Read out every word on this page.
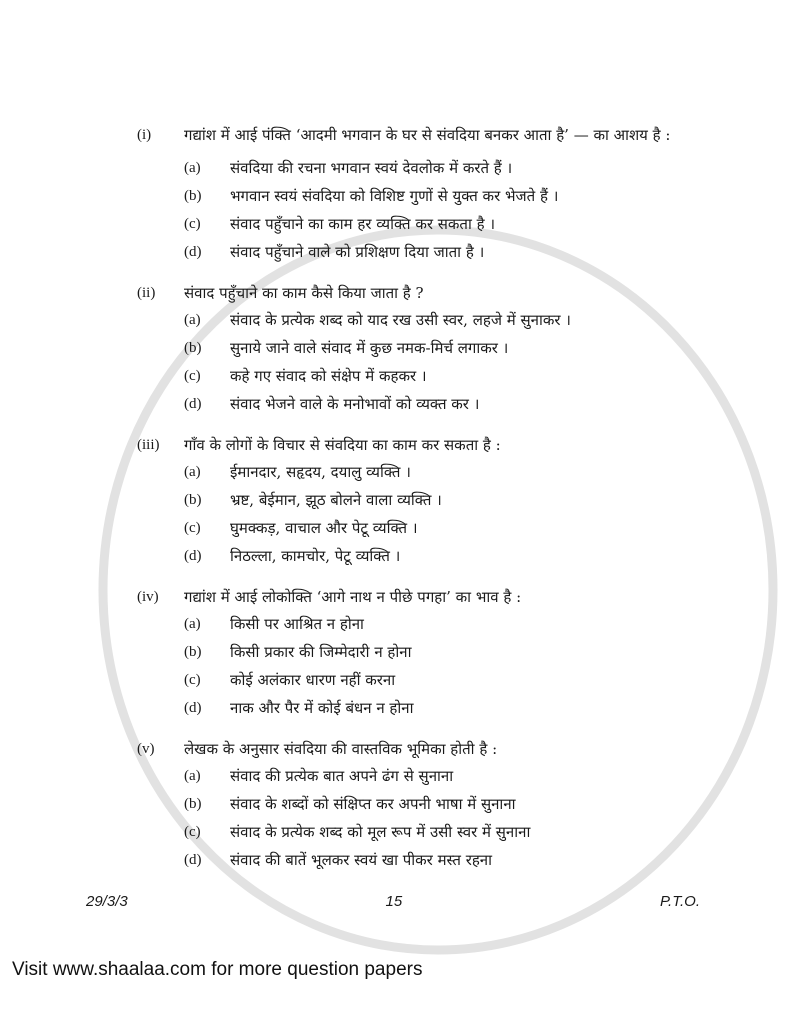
(i)	गद्यांश में आई पंक्ति ‘आदमी भगवान के घर से संवदिया बनकर आता है’ — का आशय है :
(a)	संवदिया की रचना भगवान स्वयं देवलोक में करते हैं ।
(b)	भगवान स्वयं संवदिया को विशिष्ट गुणों से युक्त कर भेजते हैं ।
(c)	संवाद पहुँचाने का काम हर व्यक्ति कर सकता है ।
(d)	संवाद पहुँचाने वाले को प्रशिक्षण दिया जाता है ।
(ii)	संवाद पहुँचाने का काम कैसे किया जाता है ?
(a)	संवाद के प्रत्येक शब्द को याद रख उसी स्वर, लहजे में सुनाकर ।
(b)	सुनाये जाने वाले संवाद में कुछ नमक-मिर्च लगाकर ।
(c)	कहे गए संवाद को संक्षेप में कहकर ।
(d)	संवाद भेजने वाले के मनोभावों को व्यक्त कर ।
(iii)	गाँव के लोगों के विचार से संवदिया का काम कर सकता है :
(a)	ईमानदार, सहृदय, दयालु व्यक्ति ।
(b)	भ्रष्ट, बेईमान, झूठ बोलने वाला व्यक्ति ।
(c)	घुमक्कड़, वाचाल और पेटू व्यक्ति ।
(d)	निठल्ला, कामचोर, पेटू व्यक्ति ।
(iv)	गद्यांश में आई लोकोक्ति ‘आगे नाथ न पीछे पगहा’ का भाव है :
(a)	किसी पर आश्रित न होना
(b)	किसी प्रकार की जिम्मेदारी न होना
(c)	कोई अलंकार धारण नहीं करना
(d)	नाक और पैर में कोई बंधन न होना
(v)	लेखक के अनुसार संवदिया की वास्तविक भूमिका होती है :
(a)	संवाद की प्रत्येक बात अपने ढंग से सुनाना
(b)	संवाद के शब्दों को संक्षिप्त कर अपनी भाषा में सुनाना
(c)	संवाद के प्रत्येक शब्द को मूल रूप में उसी स्वर में सुनाना
(d)	संवाद की बातें भूलकर स्वयं खा पीकर मस्त रहना
29/3/3	15	P.T.O.
Visit www.shaalaa.com for more question papers
